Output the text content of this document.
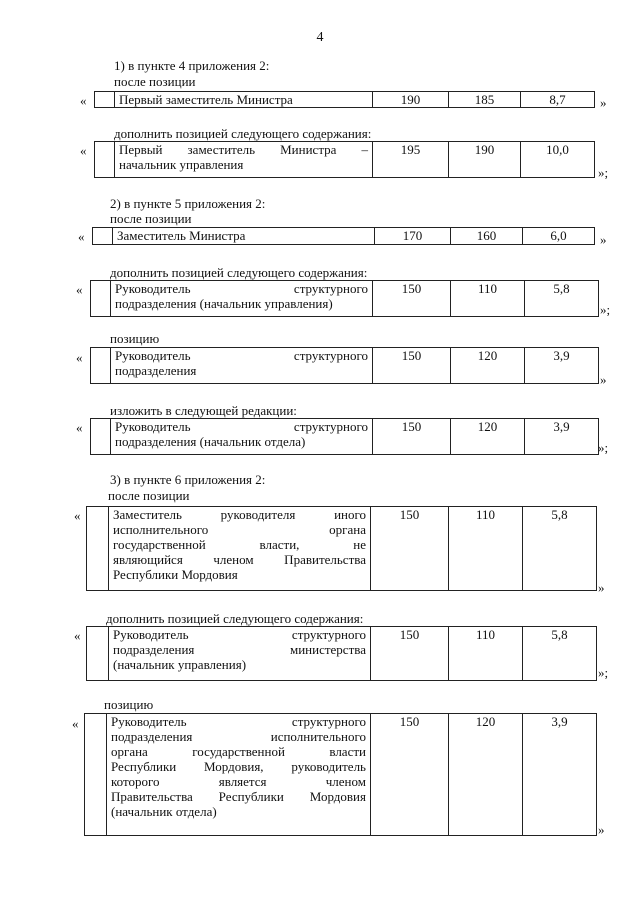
4
1) в пункте 4 приложения 2:
после позиции
«
		Первый заместитель Министра	190	185	8,7	»
дополнить позицией следующего содержания:
«
		Первый заместитель Министра –
начальник управления
	195	190	10,0
»;
2) в пункте 5 приложения 2:
после позиции
«
		Заместитель Министра	170	160	6,0	»
дополнить позицией следующего содержания:
«
		Руководитель структурного
подразделения (начальник управления)
	150	110	5,8
»;
позицию
«
		Руководитель структурного
подразделения
	150	120	3,9
»
изложить в следующей редакции:
«
		Руководитель структурного
подразделения (начальник отдела)
	150	120	3,9
»;
3) в пункте 6 приложения 2:
после позиции
«
		Заместитель руководителя иного
исполнительного органа
государственной власти, не
являющийся членом Правительства
Республики Мордовия
	150	110	5,8
»
дополнить позицией следующего содержания:
«
		Руководитель структурного
подразделения министерства
(начальник управления)
	150	110	5,8
»;
позицию
«
		Руководитель структурного
подразделения исполнительного
органа государственной власти
Республики Мордовия, руководитель
которого является членом
Правительства Республики Мордовия
(начальник отдела)
	150	120	3,9
»
